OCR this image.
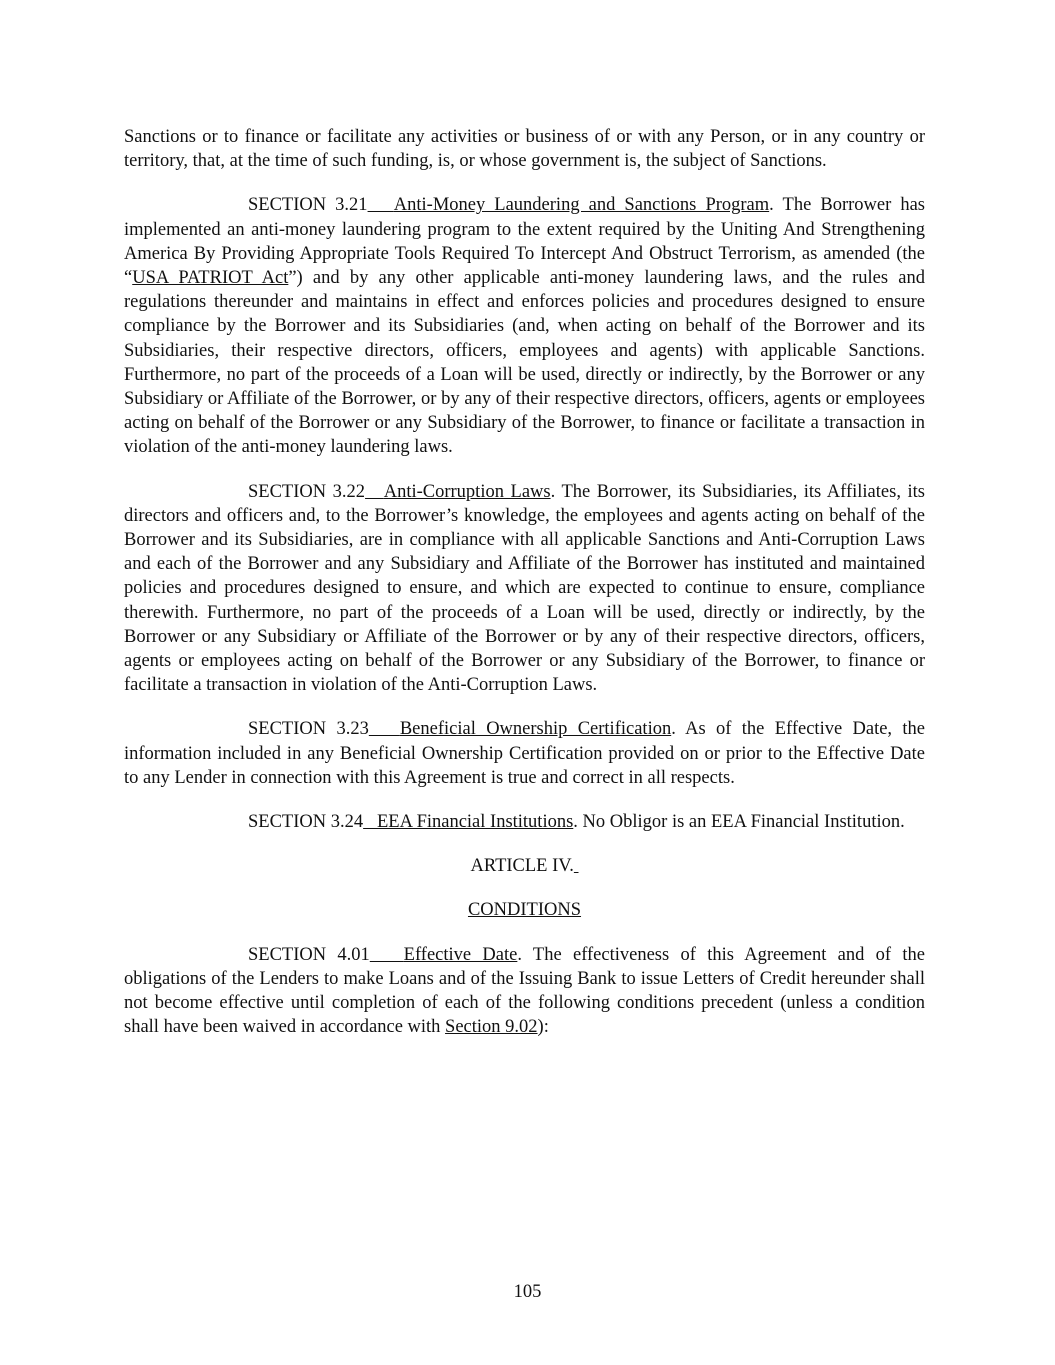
Sanctions or to finance or facilitate any activities or business of or with any Person, or in any country or territory, that, at the time of such funding, is, or whose government is, the subject of Sanctions.

SECTION 3.21 Anti-Money Laundering and Sanctions Program. The Borrower has implemented an anti-money laundering program to the extent required by the Uniting And Strengthening America By Providing Appropriate Tools Required To Intercept And Obstruct Terrorism, as amended (the “USA PATRIOT Act”) and by any other applicable anti-money laundering laws, and the rules and regulations thereunder and maintains in effect and enforces policies and procedures designed to ensure compliance by the Borrower and its Subsidiaries (and, when acting on behalf of the Borrower and its Subsidiaries, their respective directors, officers, employees and agents) with applicable Sanctions. Furthermore, no part of the proceeds of a Loan will be used, directly or indirectly, by the Borrower or any Subsidiary or Affiliate of the Borrower, or by any of their respective directors, officers, agents or employees acting on behalf of the Borrower or any Subsidiary of the Borrower, to finance or facilitate a transaction in violation of the anti-money laundering laws.

SECTION 3.22 Anti-Corruption Laws. The Borrower, its Subsidiaries, its Affiliates, its directors and officers and, to the Borrower’s knowledge, the employees and agents acting on behalf of the Borrower and its Subsidiaries, are in compliance with all applicable Sanctions and Anti-Corruption Laws and each of the Borrower and any Subsidiary and Affiliate of the Borrower has instituted and maintained policies and procedures designed to ensure, and which are expected to continue to ensure, compliance therewith. Furthermore, no part of the proceeds of a Loan will be used, directly or indirectly, by the Borrower or any Subsidiary or Affiliate of the Borrower or by any of their respective directors, officers, agents or employees acting on behalf of the Borrower or any Subsidiary of the Borrower, to finance or facilitate a transaction in violation of the Anti-Corruption Laws.

SECTION 3.23 Beneficial Ownership Certification. As of the Effective Date, the information included in any Beneficial Ownership Certification provided on or prior to the Effective Date to any Lender in connection with this Agreement is true and correct in all respects.

SECTION 3.24 EEA Financial Institutions. No Obligor is an EEA Financial Institution.

ARTICLE IV.
CONDITIONS

SECTION 4.01 Effective Date. The effectiveness of this Agreement and of the obligations of the Lenders to make Loans and of the Issuing Bank to issue Letters of Credit hereunder shall not become effective until completion of each of the following conditions precedent (unless a condition shall have been waived in accordance with Section 9.02):

105
